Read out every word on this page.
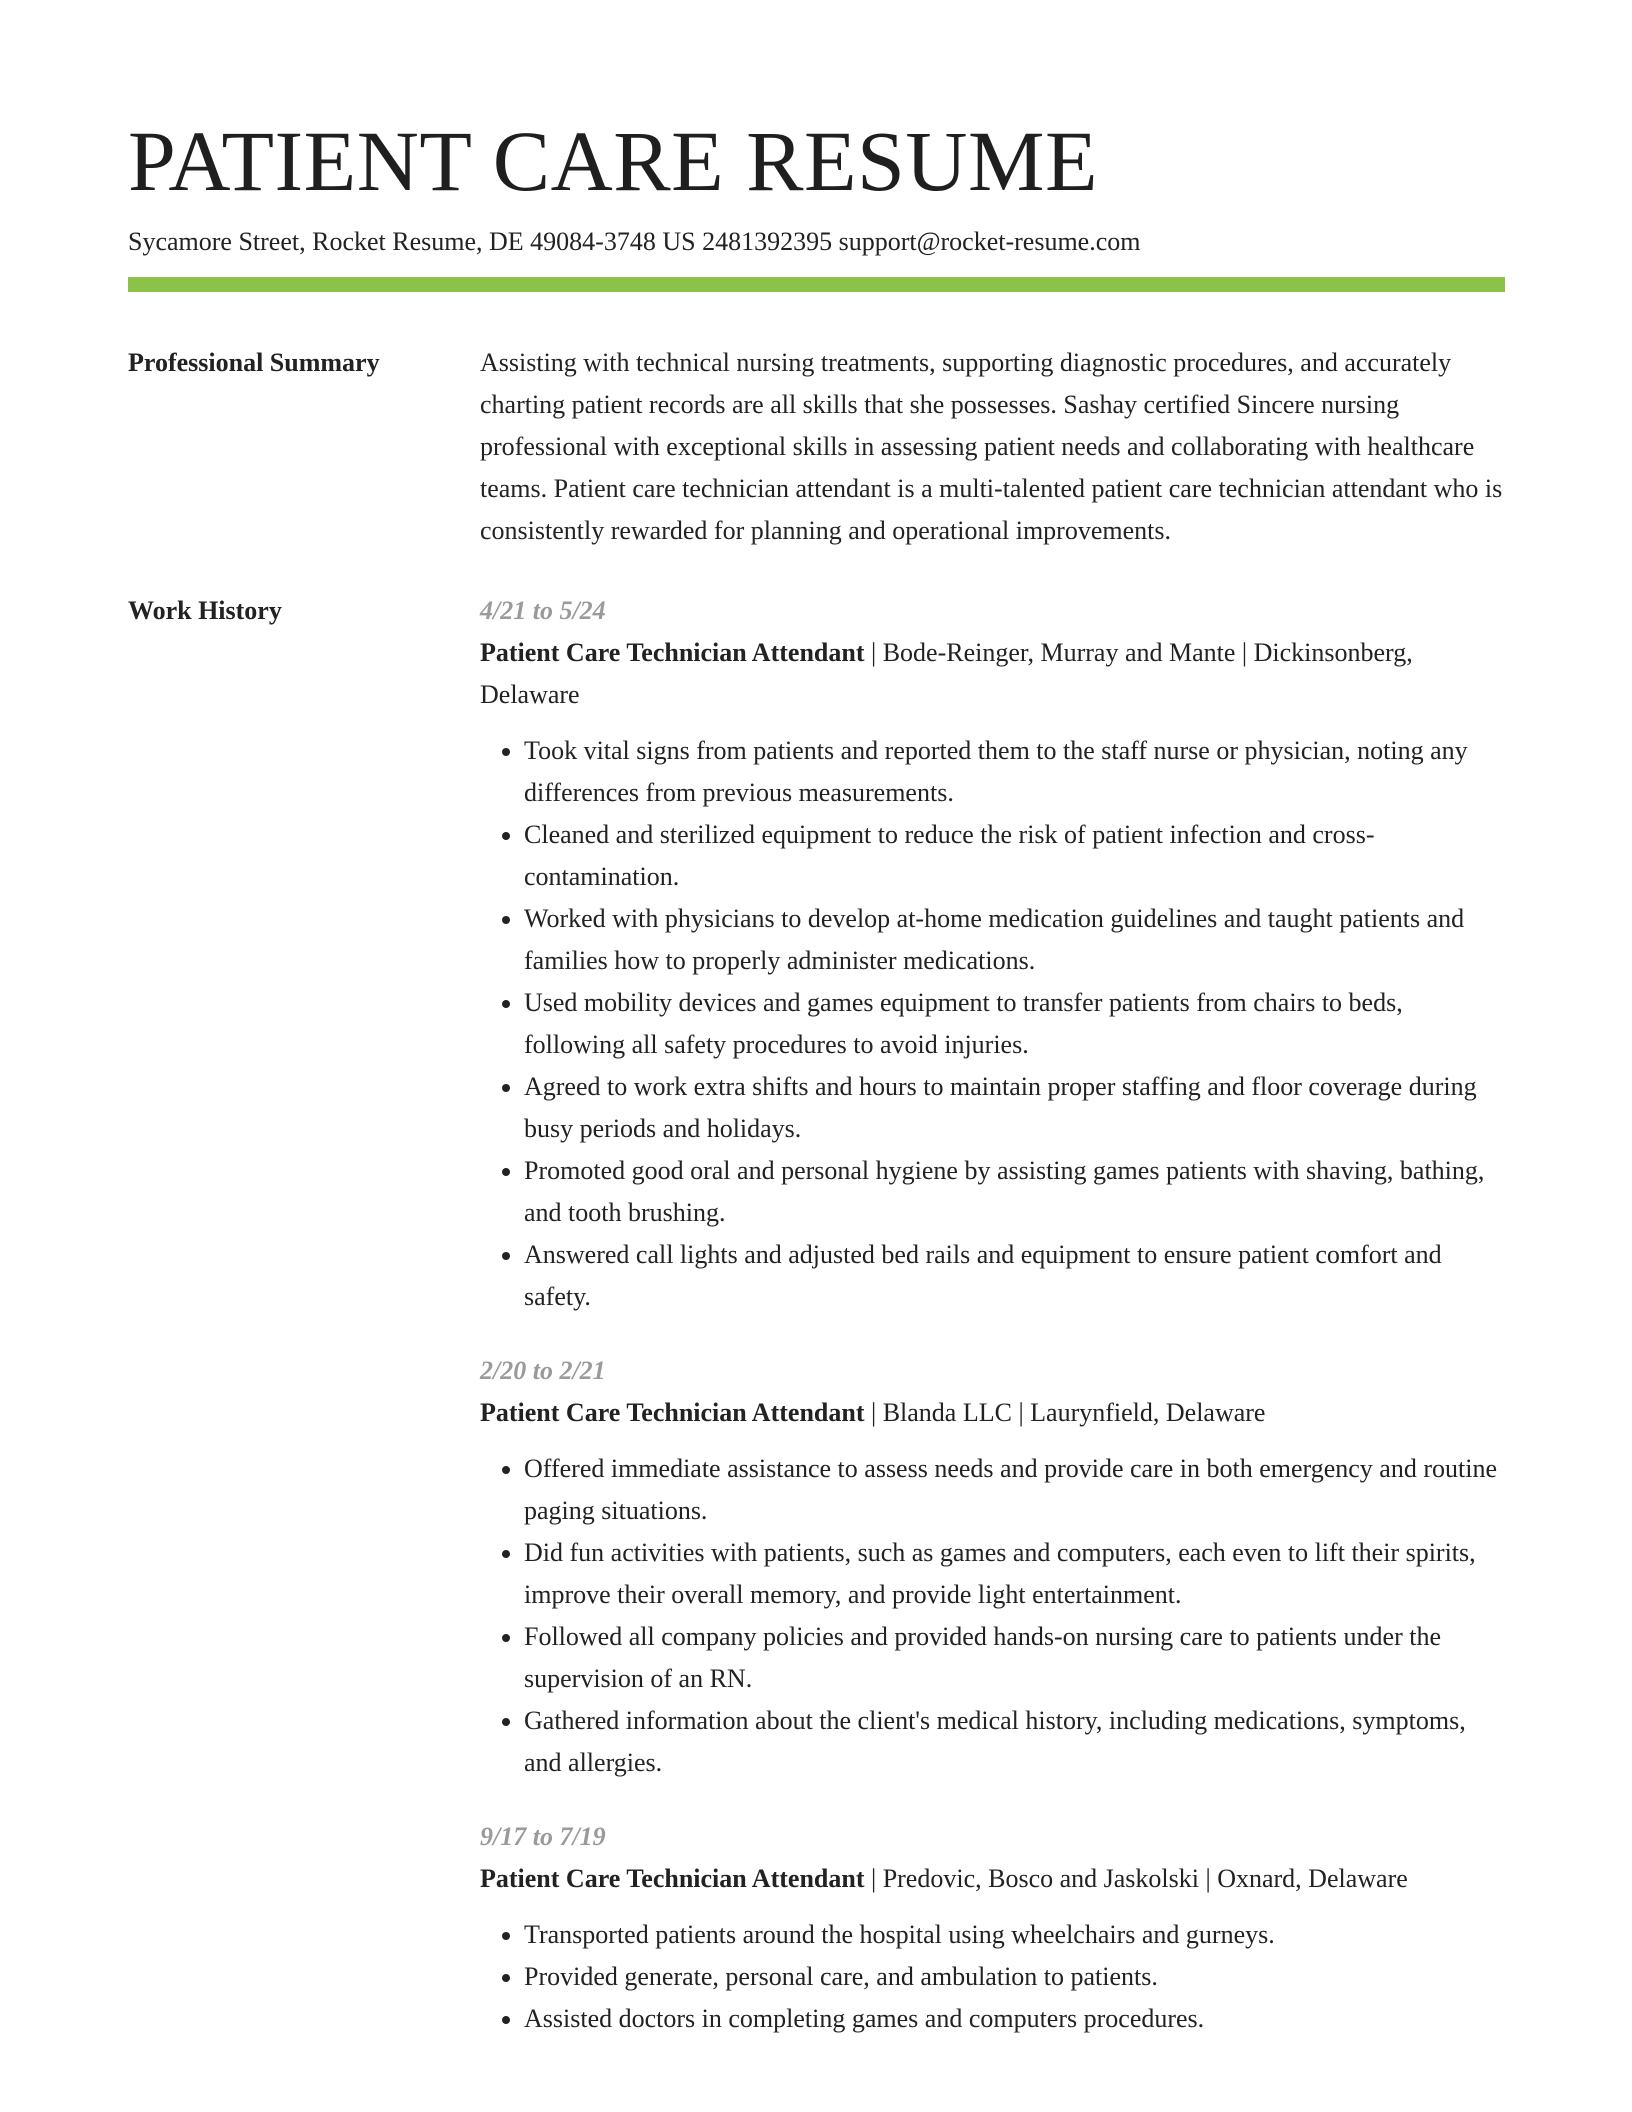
PATIENT CARE RESUME
Sycamore Street, Rocket Resume, DE 49084-3748 US 2481392395 support@rocket-resume.com
Professional Summary	Assisting with technical nursing treatments, supporting diagnostic procedures, and accurately charting patient records are all skills that she possesses. Sashay certified Sincere nursing professional with exceptional skills in assessing patient needs and collaborating with healthcare teams. Patient care technician attendant is a multi-talented patient care technician attendant who is consistently rewarded for planning and operational improvements.
Work History	4/21 to 5/24
Patient Care Technician Attendant | Bode-Reinger, Murray and Mante | Dickinsonberg, Delaware
• Took vital signs from patients and reported them to the staff nurse or physician, noting any differences from previous measurements.
• Cleaned and sterilized equipment to reduce the risk of patient infection and cross-contamination.
• Worked with physicians to develop at-home medication guidelines and taught patients and families how to properly administer medications.
• Used mobility devices and games equipment to transfer patients from chairs to beds, following all safety procedures to avoid injuries.
• Agreed to work extra shifts and hours to maintain proper staffing and floor coverage during busy periods and holidays.
• Promoted good oral and personal hygiene by assisting games patients with shaving, bathing, and tooth brushing.
• Answered call lights and adjusted bed rails and equipment to ensure patient comfort and safety.
2/20 to 2/21
Patient Care Technician Attendant | Blanda LLC | Laurynfield, Delaware
• Offered immediate assistance to assess needs and provide care in both emergency and routine paging situations.
• Did fun activities with patients, such as games and computers, each even to lift their spirits, improve their overall memory, and provide light entertainment.
• Followed all company policies and provided hands-on nursing care to patients under the supervision of an RN.
• Gathered information about the client's medical history, including medications, symptoms, and allergies.
9/17 to 7/19
Patient Care Technician Attendant | Predovic, Bosco and Jaskolski | Oxnard, Delaware
• Transported patients around the hospital using wheelchairs and gurneys.
• Provided generate, personal care, and ambulation to patients.
• Assisted doctors in completing games and computers procedures.
